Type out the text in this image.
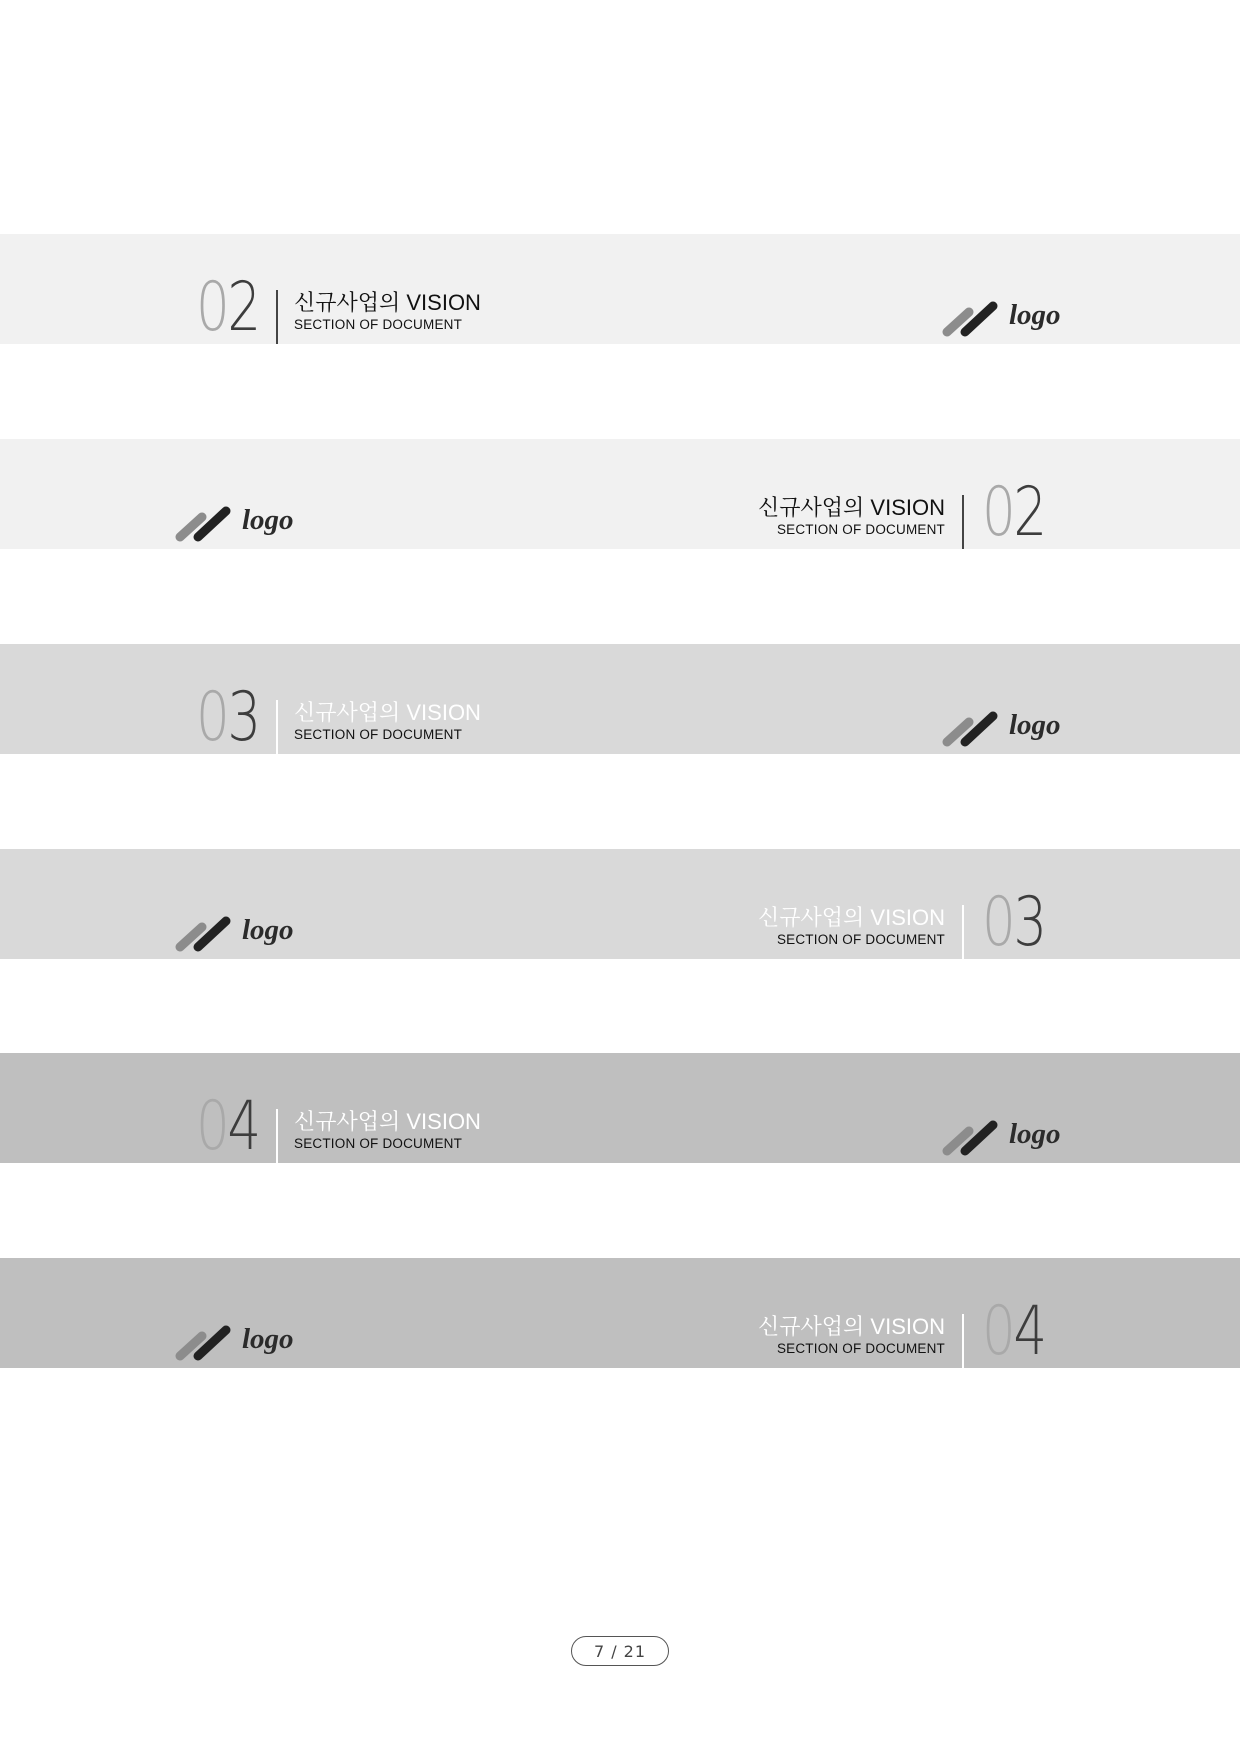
02 신규사업의 VISION
SECTION OF DOCUMENT	logo
logo	신규사업의 VISION
SECTION OF DOCUMENT 02
03 신규사업의 VISION
SECTION OF DOCUMENT	logo
logo	신규사업의 VISION
SECTION OF DOCUMENT 03
04 신규사업의 VISION
SECTION OF DOCUMENT	logo
logo	신규사업의 VISION
SECTION OF DOCUMENT 04
7 / 21
